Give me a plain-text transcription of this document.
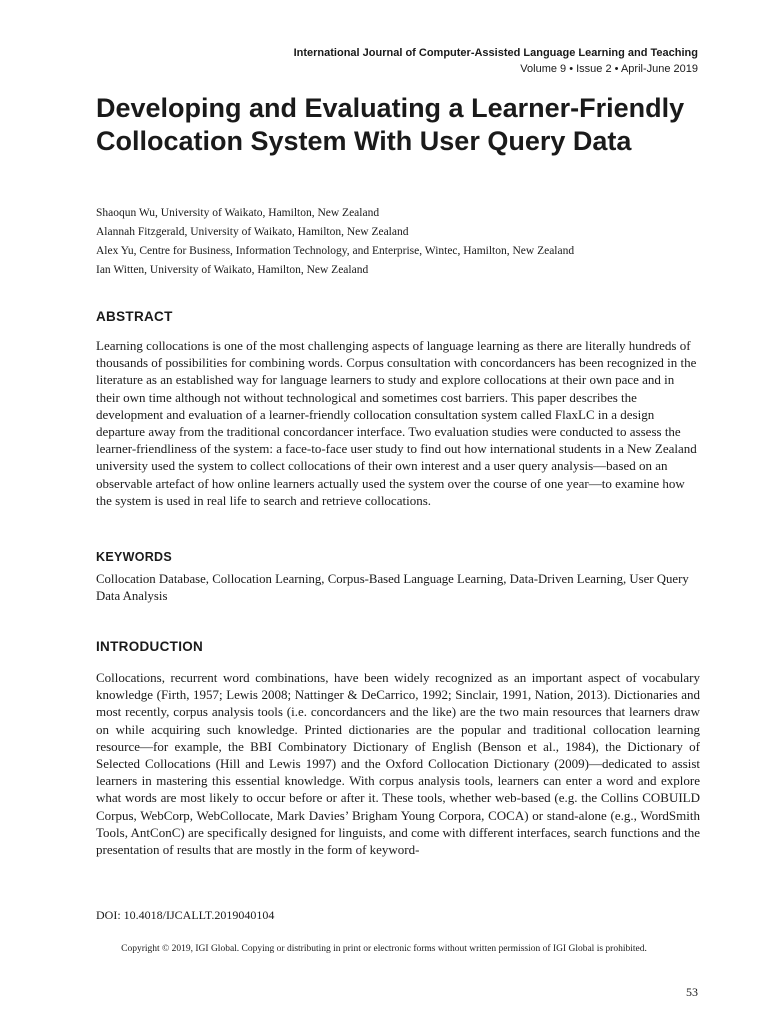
International Journal of Computer-Assisted Language Learning and Teaching
Volume 9 • Issue 2 • April-June 2019
Developing and Evaluating a Learner-Friendly Collocation System With User Query Data
Shaoqun Wu, University of Waikato, Hamilton, New Zealand
Alannah Fitzgerald, University of Waikato, Hamilton, New Zealand
Alex Yu, Centre for Business, Information Technology, and Enterprise, Wintec, Hamilton, New Zealand
Ian Witten, University of Waikato, Hamilton, New Zealand
ABSTRACT

Learning collocations is one of the most challenging aspects of language learning as there are literally hundreds of thousands of possibilities for combining words. Corpus consultation with concordancers has been recognized in the literature as an established way for language learners to study and explore collocations at their own pace and in their own time although not without technological and sometimes cost barriers. This paper describes the development and evaluation of a learner-friendly collocation consultation system called FlaxLC in a design departure away from the traditional concordancer interface. Two evaluation studies were conducted to assess the learner-friendliness of the system: a face-to-face user study to find out how international students in a New Zealand university used the system to collect collocations of their own interest and a user query analysis—based on an observable artefact of how online learners actually used the system over the course of one year—to examine how the system is used in real life to search and retrieve collocations.

KEYWORDS

Collocation Database, Collocation Learning, Corpus-Based Language Learning, Data-Driven Learning, User Query Data Analysis

INTRODUCTION

Collocations, recurrent word combinations, have been widely recognized as an important aspect of vocabulary knowledge (Firth, 1957; Lewis 2008; Nattinger & DeCarrico, 1992; Sinclair, 1991, Nation, 2013). Dictionaries and most recently, corpus analysis tools (i.e. concordancers and the like) are the two main resources that learners draw on while acquiring such knowledge. Printed dictionaries are the popular and traditional collocation learning resource—for example, the BBI Combinatory Dictionary of English (Benson et al., 1984), the Dictionary of Selected Collocations (Hill and Lewis 1997) and the Oxford Collocation Dictionary (2009)—dedicated to assist learners in mastering this essential knowledge. With corpus analysis tools, learners can enter a word and explore what words are most likely to occur before or after it. These tools, whether web-based (e.g. the Collins COBUILD Corpus, WebCorp, WebCollocate, Mark Davies’ Brigham Young Corpora, COCA) or stand-alone (e.g., WordSmith Tools, AntConC) are specifically designed for linguists, and come with different interfaces, search functions and the presentation of results that are mostly in the form of keyword-

DOI: 10.4018/IJCALLT.2019040104
Copyright © 2019, IGI Global. Copying or distributing in print or electronic forms without written permission of IGI Global is prohibited.
53
